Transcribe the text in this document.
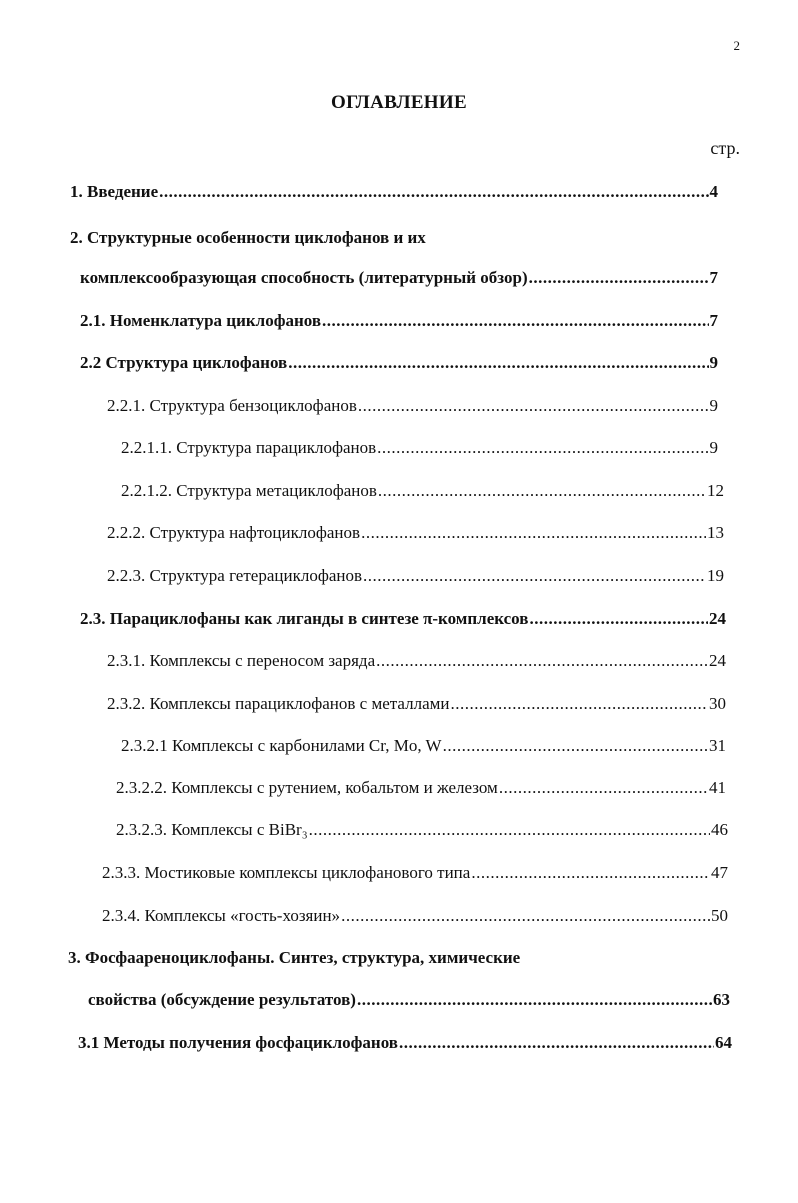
2
ОГЛАВЛЕНИЕ
стр.
1. Введение .....	4
2. Структурные особенности циклофанов и их
комплексообразующая способность (литературный обзор) .....	7
2.1. Номенклатура циклофанов .....	7
2.2 Структура циклофанов .....	9
2.2.1. Структура бензоциклофанов .....	9
2.2.1.1. Структура парациклофанов .....	9
2.2.1.2. Структура метациклофанов .....	12
2.2.2. Структура нафтоциклофанов .....	13
2.2.3. Структура гетерациклофанов .....	19
2.3. Парациклофаны как лиганды в синтезе π-комплексов .....	24
2.3.1. Комплексы с переносом заряда .....	24
2.3.2. Комплексы парациклофанов с металлами .....	30
2.3.2.1 Комплексы с карбонилами Cr, Mo, W .....	31
2.3.2.2. Комплексы с рутением, кобальтом и железом .....	41
2.3.2.3. Комплексы с BiBr₃ .....	46
2.3.3. Мостиковые комплексы циклофанового типа .....	47
2.3.4. Комплексы «гость-хозяин» .....	50
3. Фосфаареноциклофаны. Синтез, структура, химические
свойства (обсуждение результатов) .....	63
3.1 Методы получения фосфациклофанов .....	64
